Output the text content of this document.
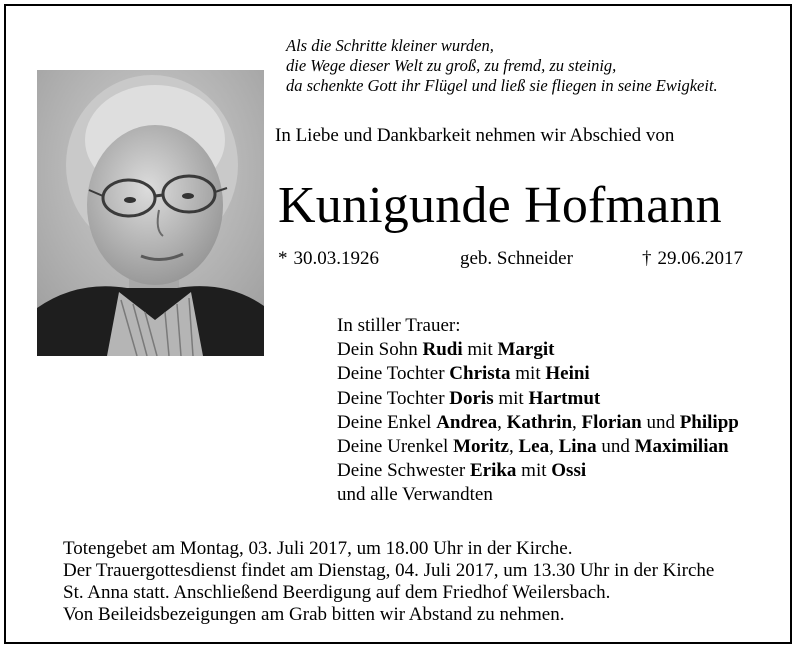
Als die Schritte kleiner wurden,
die Wege dieser Welt zu groß, zu fremd, zu steinig,
da schenkte Gott ihr Flügel und ließ sie fliegen in seine Ewigkeit.
In Liebe und Dankbarkeit nehmen wir Abschied von
Kunigunde Hofmann
* 30.03.1926	geb. Schneider	† 29.06.2017
In stiller Trauer:
Dein Sohn Rudi mit Margit
Deine Tochter Christa mit Heini
Deine Tochter Doris mit Hartmut
Deine Enkel Andrea, Kathrin, Florian und Philipp
Deine Urenkel Moritz, Lea, Lina und Maximilian
Deine Schwester Erika mit Ossi
und alle Verwandten
Totengebet am Montag, 03. Juli 2017, um 18.00 Uhr in der Kirche.
Der Trauergottesdienst findet am Dienstag, 04. Juli 2017, um 13.30 Uhr in der Kirche
St. Anna statt. Anschließend Beerdigung auf dem Friedhof Weilersbach.
Von Beileidsbezeigungen am Grab bitten wir Abstand zu nehmen.
